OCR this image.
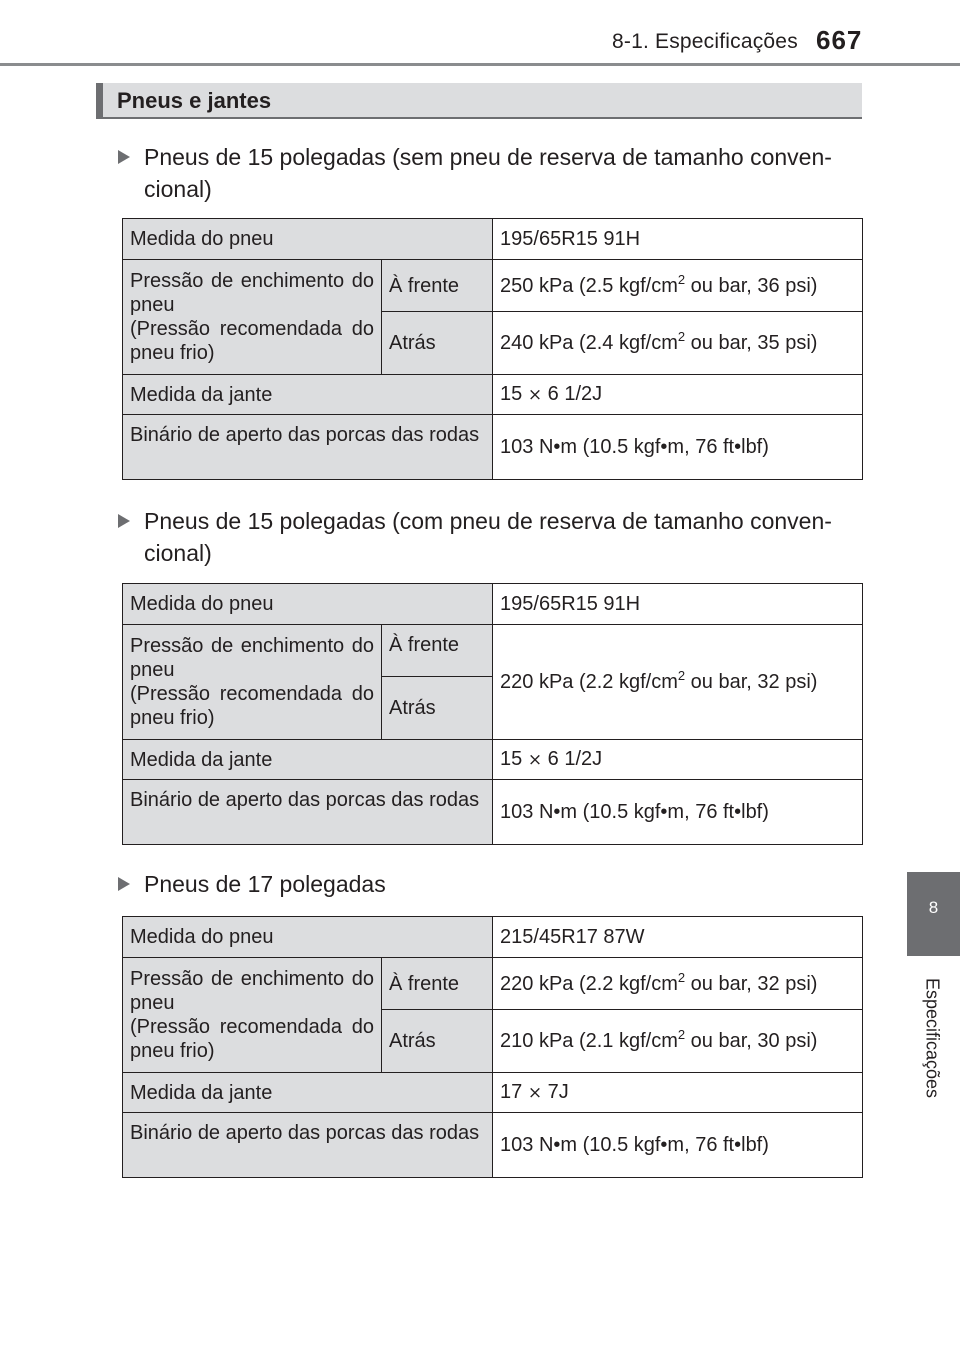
8-1. Especificações 667
8
Especificações
Pneus e jantes
Pneus de 15 polegadas (sem pneu de reserva de tamanho conven-
cional)
Medida do pneu		195/65R15 91H

Pressão de enchimento do pneu
(Pressão recomendada do pneu frio)	À frente	250 kPa (2.5 kgf/$cm^2$ ou bar, 36 psi)
	Atrás	240 kPa (2.4 kgf/$cm^2$ ou bar, 35 psi)
Medida da jante		15 × 6 1/2J
Binário de aperto das porcas das rodas		103 N•m (10.5 kgf•m, 76 ft•lbf)
Pneus de 15 polegadas (com pneu de reserva de tamanho conven-
cional)
Medida do pneu		195/65R15 91H

Pressão de enchimento do pneu
(Pressão recomendada do pneu frio)	À frente	220 kPa (2.2 kgf/$cm^2$ ou bar, 32 psi)
	Atrás	
Medida da jante		15 × 6 1/2J
Binário de aperto das porcas das rodas		103 N•m (10.5 kgf•m, 76 ft•lbf)
Pneus de 17 polegadas
Medida do pneu		215/45R17 87W

Pressão de enchimento do pneu
(Pressão recomendada do pneu frio)	À frente	220 kPa (2.2 kgf/$cm^2$ ou bar, 32 psi)
	Atrás	210 kPa (2.1 kgf/$cm^2$ ou bar, 30 psi)
Medida da jante		17 × 7J
Binário de aperto das porcas das rodas		103 N•m (10.5 kgf•m, 76 ft•lbf)
